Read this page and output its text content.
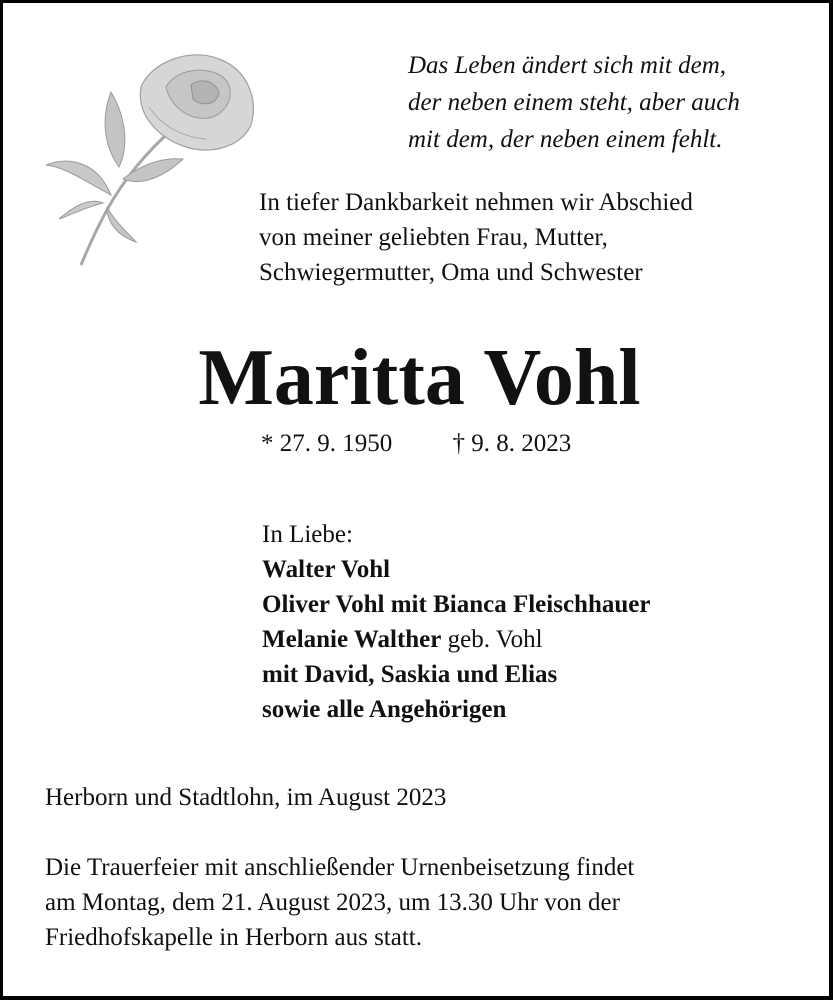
Das Leben ändert sich mit dem,
der neben einem steht, aber auch
mit dem, der neben einem fehlt.
In tiefer Dankbarkeit nehmen wir Abschied
von meiner geliebten Frau, Mutter,
Schwiegermutter, Oma und Schwester
Maritta Vohl
* 27. 9. 1950 † 9. 8. 2023
In Liebe:
Walter Vohl
Oliver Vohl mit Bianca Fleischhauer
Melanie Walther geb. Vohl
mit David, Saskia und Elias
sowie alle Angehörigen
Herborn und Stadtlohn, im August 2023
Die Trauerfeier mit anschließender Urnenbeisetzung findet
am Montag, dem 21. August 2023, um 13.30 Uhr von der
Friedhofskapelle in Herborn aus statt.
